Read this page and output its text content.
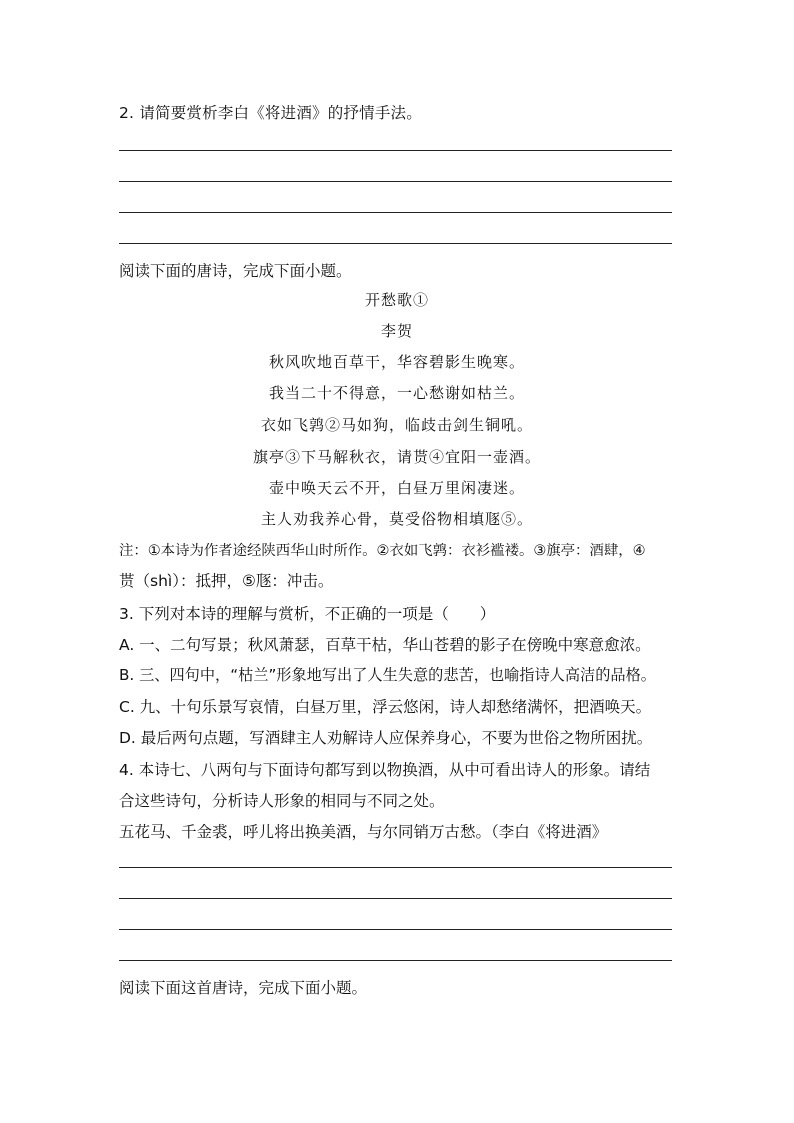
2. 请简要赏析李白《将进酒》的抒情手法。
阅读下面的唐诗，完成下面小题。
开愁歌①
李贺
秋风吹地百草干，华容碧影生晚寒。
我当二十不得意，一心愁谢如枯兰。
衣如飞鹑②马如狗，临歧击剑生铜吼。
旗亭③下马解秋衣，请贳④宜阳一壶酒。
壶中唤天云不开，白昼万里闲凄迷。
主人劝我养心骨，莫受俗物相填豗⑤。
注：①本诗为作者途经陕西华山时所作。②衣如飞鹑：衣衫褴褛。③旗亭：酒肆，④
贳（shì）：抵押，⑤豗：冲击。
3. 下列对本诗的理解与赏析，不正确的一项是（　　）
A. 一、二句写景；秋风萧瑟，百草干枯，华山苍碧的影子在傍晚中寒意愈浓。
B. 三、四句中，“枯兰”形象地写出了人生失意的悲苦，也喻指诗人高洁的品格。
C. 九、十句乐景写哀情，白昼万里，浮云悠闲，诗人却愁绪满怀，把酒唤天。
D. 最后两句点题，写酒肆主人劝解诗人应保养身心，不要为世俗之物所困扰。
4. 本诗七、八两句与下面诗句都写到以物换酒，从中可看出诗人的形象。请结
合这些诗句，分析诗人形象的相同与不同之处。
五花马、千金裘，呼儿将出换美酒，与尔同销万古愁。（李白《将进酒》
阅读下面这首唐诗，完成下面小题。
